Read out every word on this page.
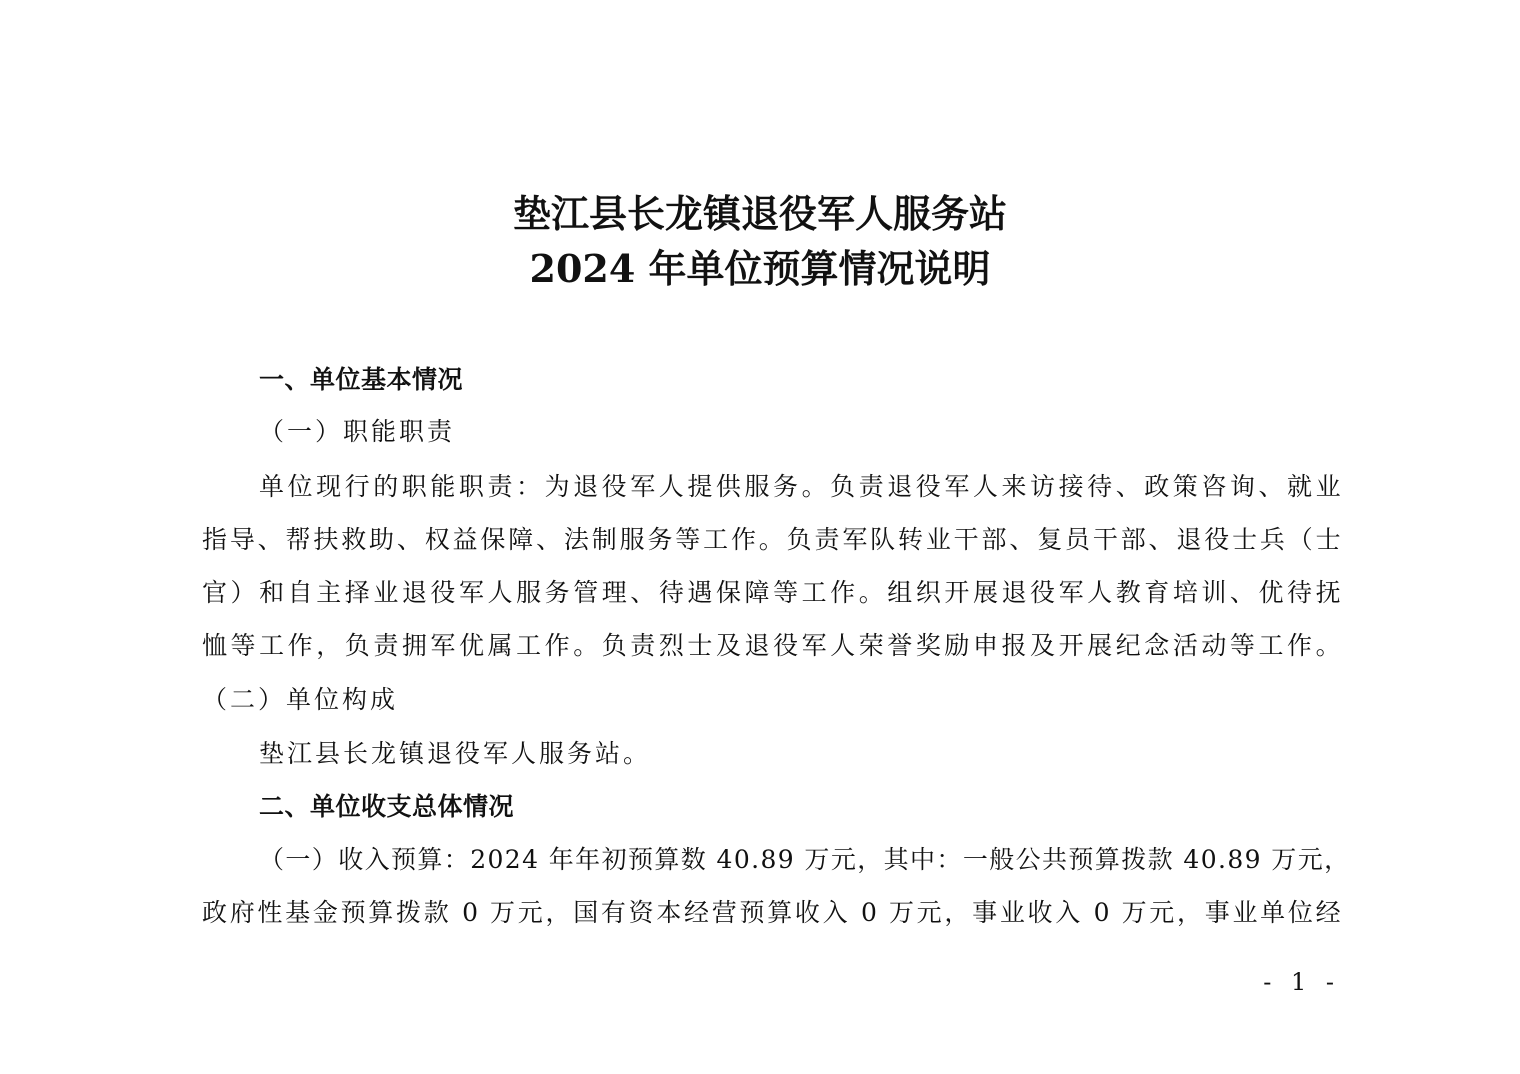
垫江县长龙镇退役军人服务站
2024 年单位预算情况说明
一、单位基本情况
（一）职能职责
单位现行的职能职责：为退役军人提供服务。负责退役军人来访接待、政策咨询、就业
指导、帮扶救助、权益保障、法制服务等工作。负责军队转业干部、复员干部、退役士兵（士
官）和自主择业退役军人服务管理、待遇保障等工作。组织开展退役军人教育培训、优待抚
恤等工作，负责拥军优属工作。负责烈士及退役军人荣誉奖励申报及开展纪念活动等工作。
（二）单位构成
垫江县长龙镇退役军人服务站。
二、单位收支总体情况
（一）收入预算：2024 年年初预算数 40.89 万元，其中：一般公共预算拨款 40.89 万元，
政府性基金预算拨款 0 万元，国有资本经营预算收入 0 万元，事业收入 0 万元，事业单位经
- 1 -
